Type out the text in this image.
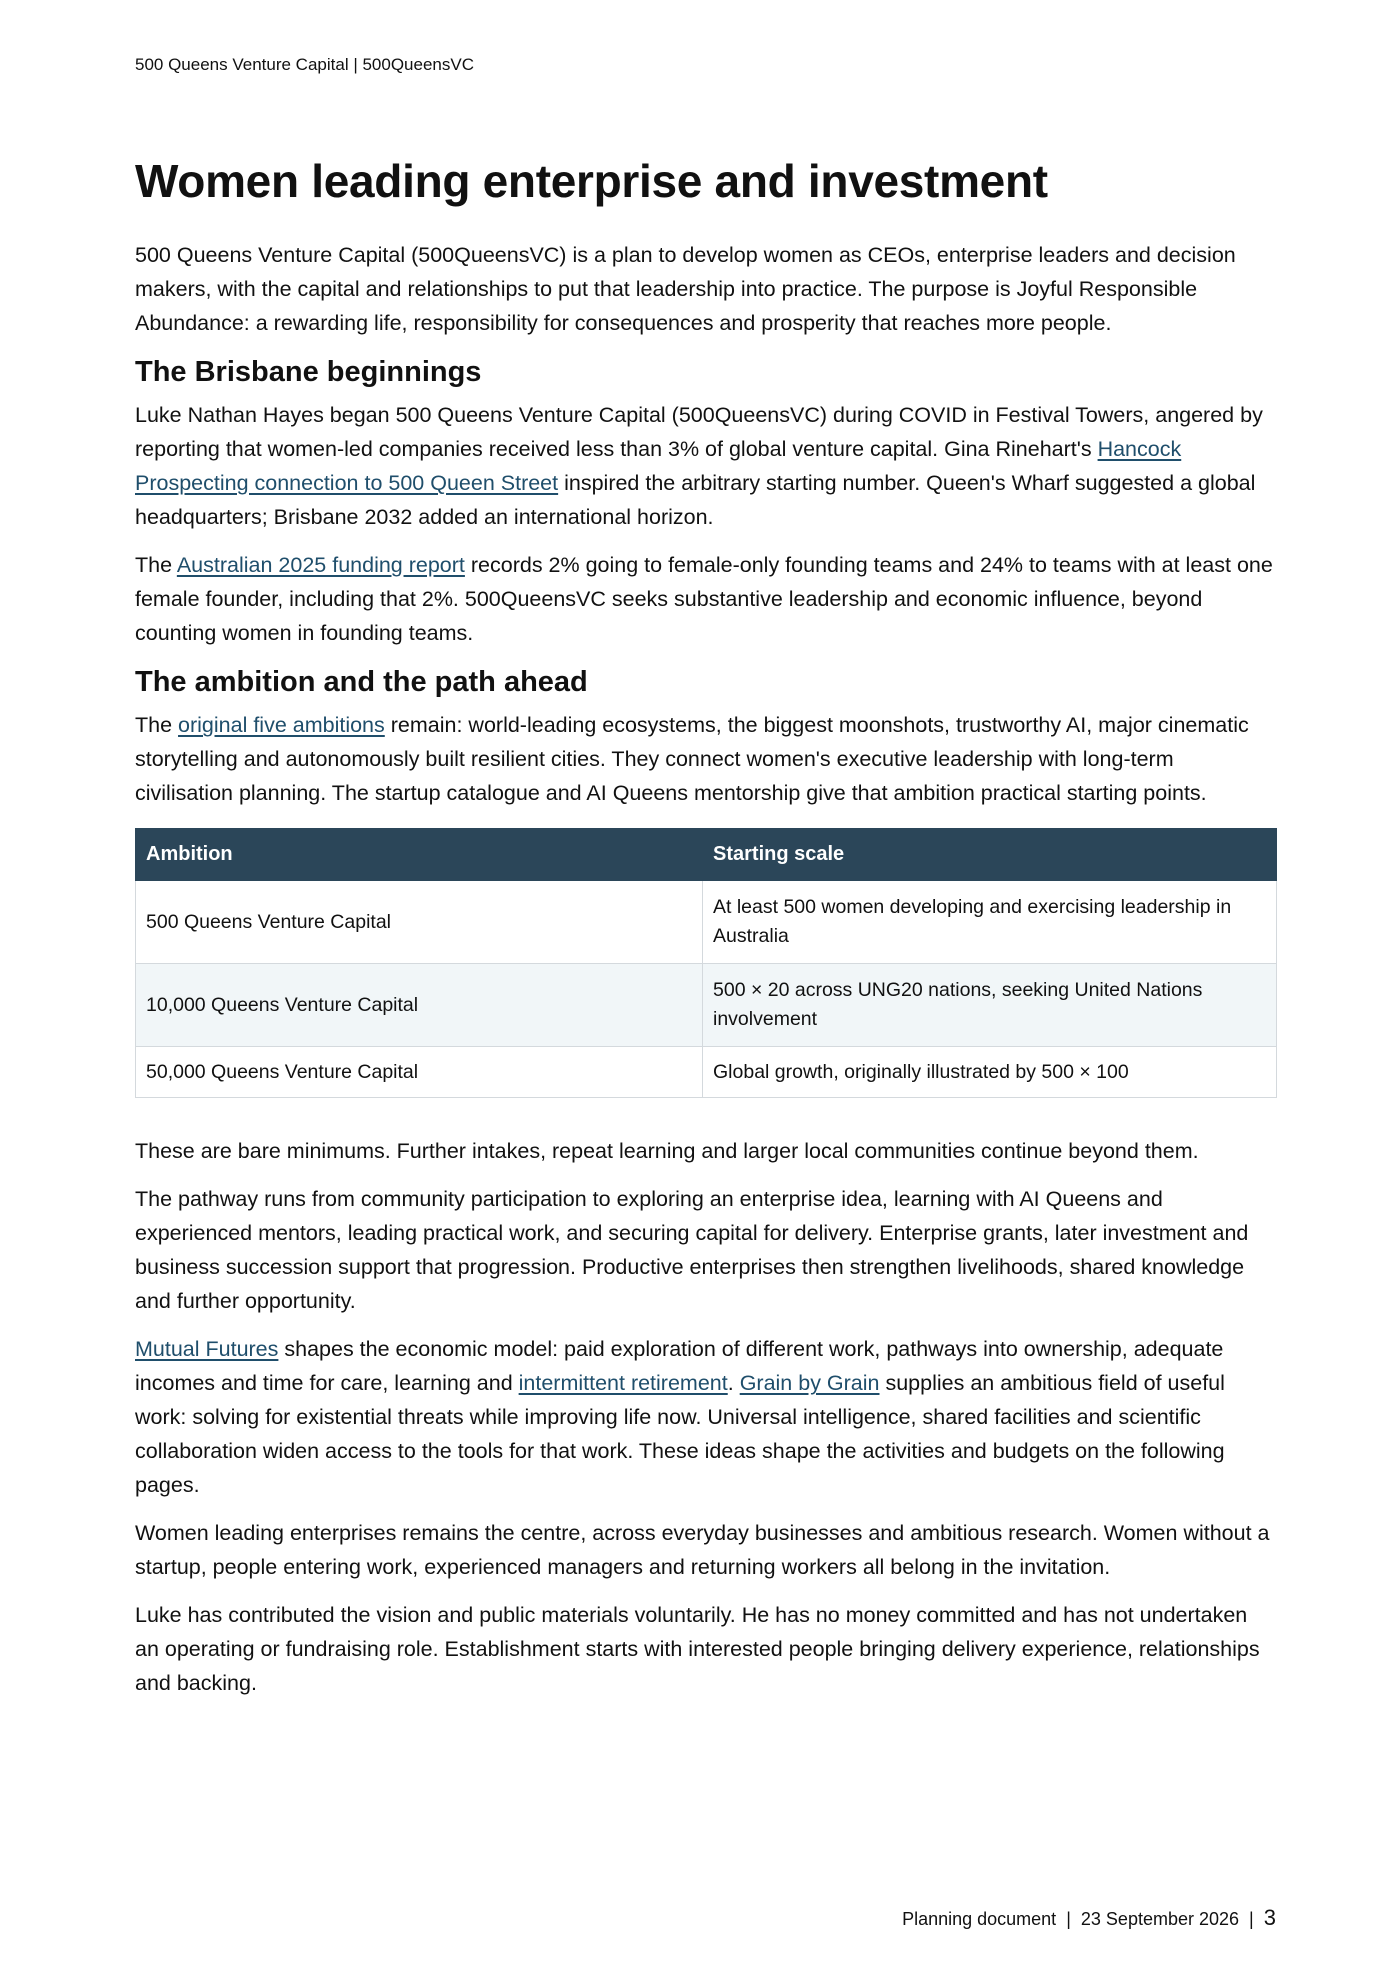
500 Queens Venture Capital | 500QueensVC
Women leading enterprise and investment

500 Queens Venture Capital (500QueensVC) is a plan to develop women as CEOs, enterprise leaders and decision makers, with the capital and relationships to put that leadership into practice. The purpose is Joyful Responsible Abundance: a rewarding life, responsibility for consequences and prosperity that reaches more people.

The Brisbane beginnings

Luke Nathan Hayes began 500 Queens Venture Capital (500QueensVC) during COVID in Festival Towers, angered by reporting that women-led companies received less than 3% of global venture capital. Gina Rinehart's Hancock Prospecting connection to 500 Queen Street inspired the arbitrary starting number. Queen's Wharf suggested a global headquarters; Brisbane 2032 added an international horizon.

The Australian 2025 funding report records 2% going to female-only founding teams and 24% to teams with at least one female founder, including that 2%. 500QueensVC seeks substantive leadership and economic influence, beyond counting women in founding teams.

The ambition and the path ahead

The original five ambitions remain: world-leading ecosystems, the biggest moonshots, trustworthy AI, major cinematic storytelling and autonomously built resilient cities. They connect women's executive leadership with long-term civilisation planning. The startup catalogue and AI Queens mentorship give that ambition practical starting points.

Ambition	Starting scale
500 Queens Venture Capital	At least 500 women developing and exercising leadership in Australia
10,000 Queens Venture Capital	500 × 20 across UNG20 nations, seeking United Nations involvement
50,000 Queens Venture Capital	Global growth, originally illustrated by 500 × 100

These are bare minimums. Further intakes, repeat learning and larger local communities continue beyond them.

The pathway runs from community participation to exploring an enterprise idea, learning with AI Queens and experienced mentors, leading practical work, and securing capital for delivery. Enterprise grants, later investment and business succession support that progression. Productive enterprises then strengthen livelihoods, shared knowledge and further opportunity.

Mutual Futures shapes the economic model: paid exploration of different work, pathways into ownership, adequate incomes and time for care, learning and intermittent retirement. Grain by Grain supplies an ambitious field of useful work: solving for existential threats while improving life now. Universal intelligence, shared facilities and scientific collaboration widen access to the tools for that work. These ideas shape the activities and budgets on the following pages.

Women leading enterprises remains the centre, across everyday businesses and ambitious research. Women without a startup, people entering work, experienced managers and returning workers all belong in the invitation.

Luke has contributed the vision and public materials voluntarily. He has no money committed and has not undertaken an operating or fundraising role. Establishment starts with interested people bringing delivery experience, relationships and backing.

Planning document | 23 September 2026 | 3
